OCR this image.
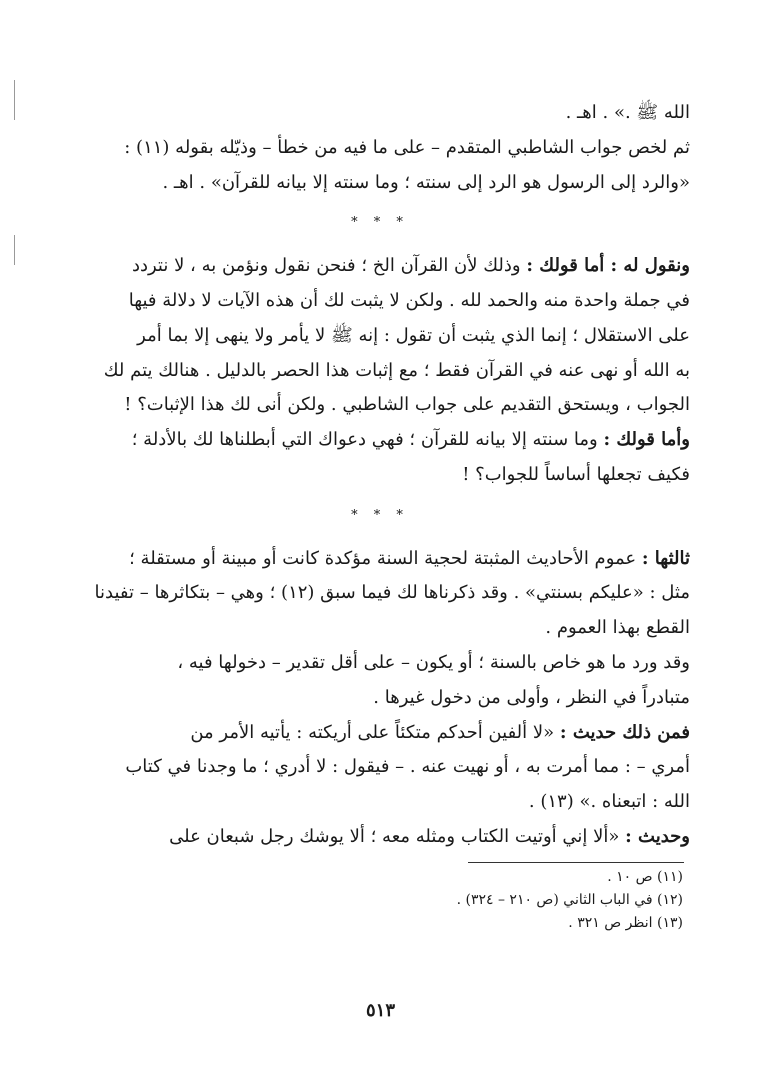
الله ﷺ .» . اهـ .
ثم لخص جواب الشاطبي المتقدم – على ما فيه من خطأ – وذيّله بقوله (١١) :
«والرد إلى الرسول هو الرد إلى سنته ؛ وما سنته إلا بيانه للقرآن» . اهـ .
* * *
ونقول له : أما قولك : وذلك لأن القرآن الخ ؛ فنحن نقول ونؤمن به ، لا نتردد
في جملة واحدة منه والحمد لله . ولكن لا يثبت لك أن هذه الآيات لا دلالة فيها
على الاستقلال ؛ إنما الذي يثبت أن تقول : إنه ﷺ لا يأمر ولا ينهى إلا بما أمر
به الله أو نهى عنه في القرآن فقط ؛ مع إثبات هذا الحصر بالدليل . هنالك يتم لك
الجواب ، ويستحق التقديم على جواب الشاطبي . ولكن أنى لك هذا الإثبات؟ !
وأما قولك : وما سنته إلا بيانه للقرآن ؛ فهي دعواك التي أبطلناها لك بالأدلة ؛
فكيف تجعلها أساساً للجواب؟ !
* * *
ثالثها : عموم الأحاديث المثبتة لحجية السنة مؤكدة كانت أو مبينة أو مستقلة ؛
مثل : «عليكم بسنتي» . وقد ذكرناها لك فيما سبق (١٢) ؛ وهي – بتكاثرها – تفيدنا
القطع بهذا العموم .
وقد ورد ما هو خاص بالسنة ؛ أو يكون – على أقل تقدير – دخولها فيه ،
متبادراً في النظر ، وأولى من دخول غيرها .
فمن ذلك حديث : «لا ألفين أحدكم متكئاً على أريكته : يأتيه الأمر من
أمري – : مما أمرت به ، أو نهيت عنه . – فيقول : لا أدري ؛ ما وجدنا في كتاب
الله : اتبعناه .» (١٣) .
وحديث : «ألا إني أوتيت الكتاب ومثله معه ؛ ألا يوشك رجل شبعان على
(١١) ص ١٠ .
(١٢) في الباب الثاني (ص ٢١٠ – ٣٢٤) .
(١٣) انظر ص ٣٢١ .
٥١٣
